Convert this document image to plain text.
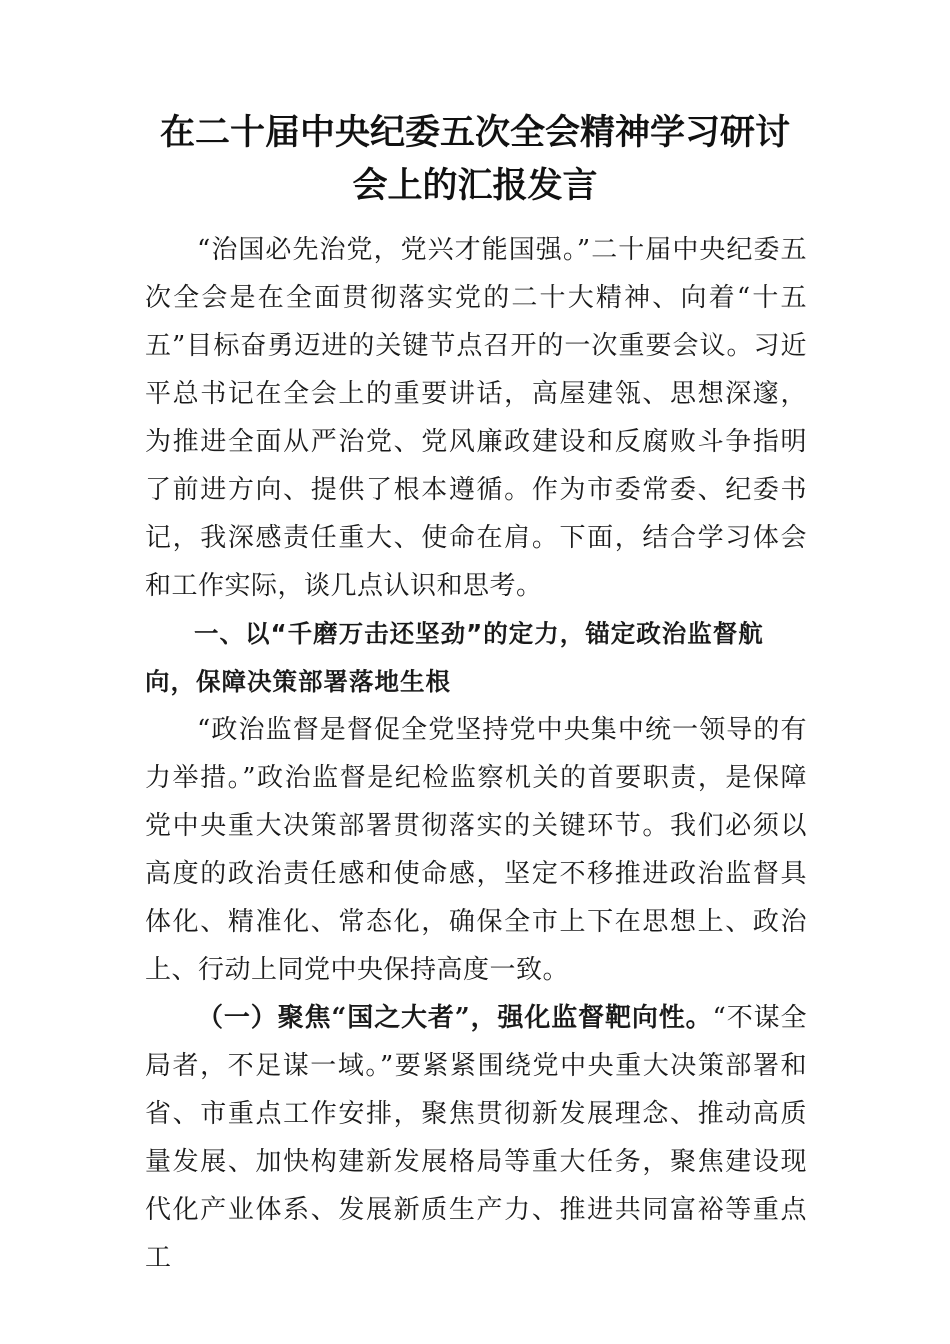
在二十届中央纪委五次全会精神学习研讨
会上的汇报发言

“治国必先治党，党兴才能国强。”二十届中央纪委五次全会是在全面贯彻落实党的二十大精神、向着“十五五”目标奋勇迈进的关键节点召开的一次重要会议。习近平总书记在全会上的重要讲话，高屋建瓴、思想深邃，为推进全面从严治党、党风廉政建设和反腐败斗争指明了前进方向、提供了根本遵循。作为市委常委、纪委书记，我深感责任重大、使命在肩。下面，结合学习体会和工作实际，谈几点认识和思考。

一、以“千磨万击还坚劲”的定力，锚定政治监督航向，保障决策部署落地生根

“政治监督是督促全党坚持党中央集中统一领导的有力举措。”政治监督是纪检监察机关的首要职责，是保障党中央重大决策部署贯彻落实的关键环节。我们必须以高度的政治责任感和使命感，坚定不移推进政治监督具体化、精准化、常态化，确保全市上下在思想上、政治上、行动上同党中央保持高度一致。

（一）聚焦“国之大者”，强化监督靶向性。“不谋全局者，不足谋一域。”要紧紧围绕党中央重大决策部署和省、市重点工作安排，聚焦贯彻新发展理念、推动高质量发展、加快构建新发展格局等重大任务，聚焦建设现代化产业体系、发展新质生产力、推进共同富裕等重点工
